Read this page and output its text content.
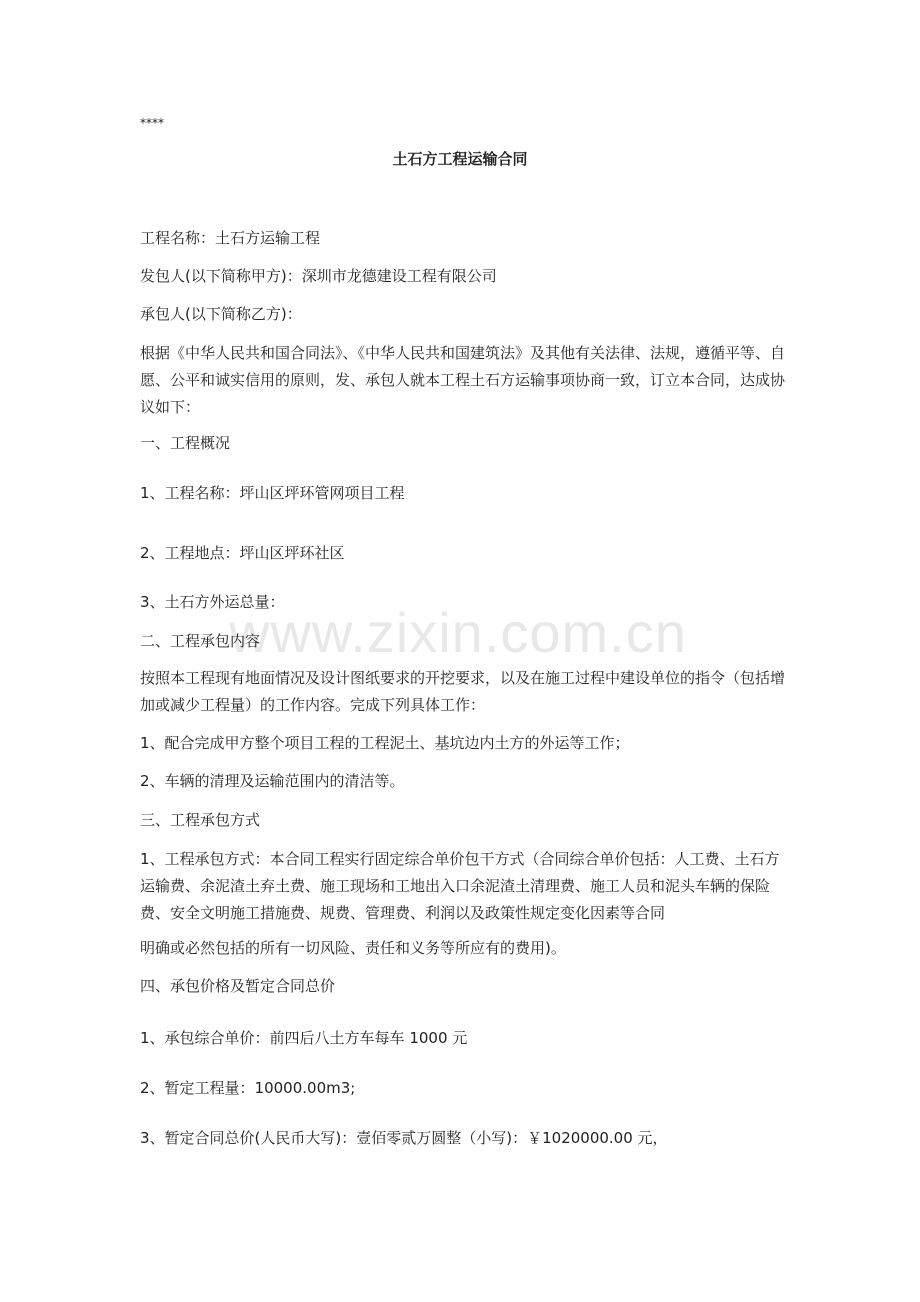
www.zixin.com.cn
****
土石方工程运输合同
工程名称：土石方运输工程
发包人(以下简称甲方)：深圳市龙德建设工程有限公司
承包人(以下简称乙方)：
根据《中华人民共和国合同法》、《中华人民共和国建筑法》及其他有关法律、法规，遵循平等、自愿、公平和诚实信用的原则，发、承包人就本工程土石方运输事项协商一致，订立本合同，达成协议如下：
一、工程概况
1、工程名称：坪山区坪环管网项目工程
2、工程地点：坪山区坪环社区
3、土石方外运总量：
二、工程承包内容
按照本工程现有地面情况及设计图纸要求的开挖要求，以及在施工过程中建设单位的指令（包括增加或减少工程量）的工作内容。完成下列具体工作：
1、配合完成甲方整个项目工程的工程泥土、基坑边内土方的外运等工作；
2、车辆的清理及运输范围内的清洁等。
三、工程承包方式
1、工程承包方式：本合同工程实行固定综合单价包干方式（合同综合单价包括：人工费、土石方运输费、余泥渣土弃土费、施工现场和工地出入口余泥渣土清理费、施工人员和泥头车辆的保险费、安全文明施工措施费、规费、管理费、利润以及政策性规定变化因素等合同
明确或必然包括的所有一切风险、责任和义务等所应有的费用)。
四、承包价格及暂定合同总价
1、承包综合单价：前四后八土方车每车 1000 元
2、暂定工程量：10000.00m3;
3、暂定合同总价(人民币大写)：壹佰零贰万圆整（小写)：￥1020000.00 元，
